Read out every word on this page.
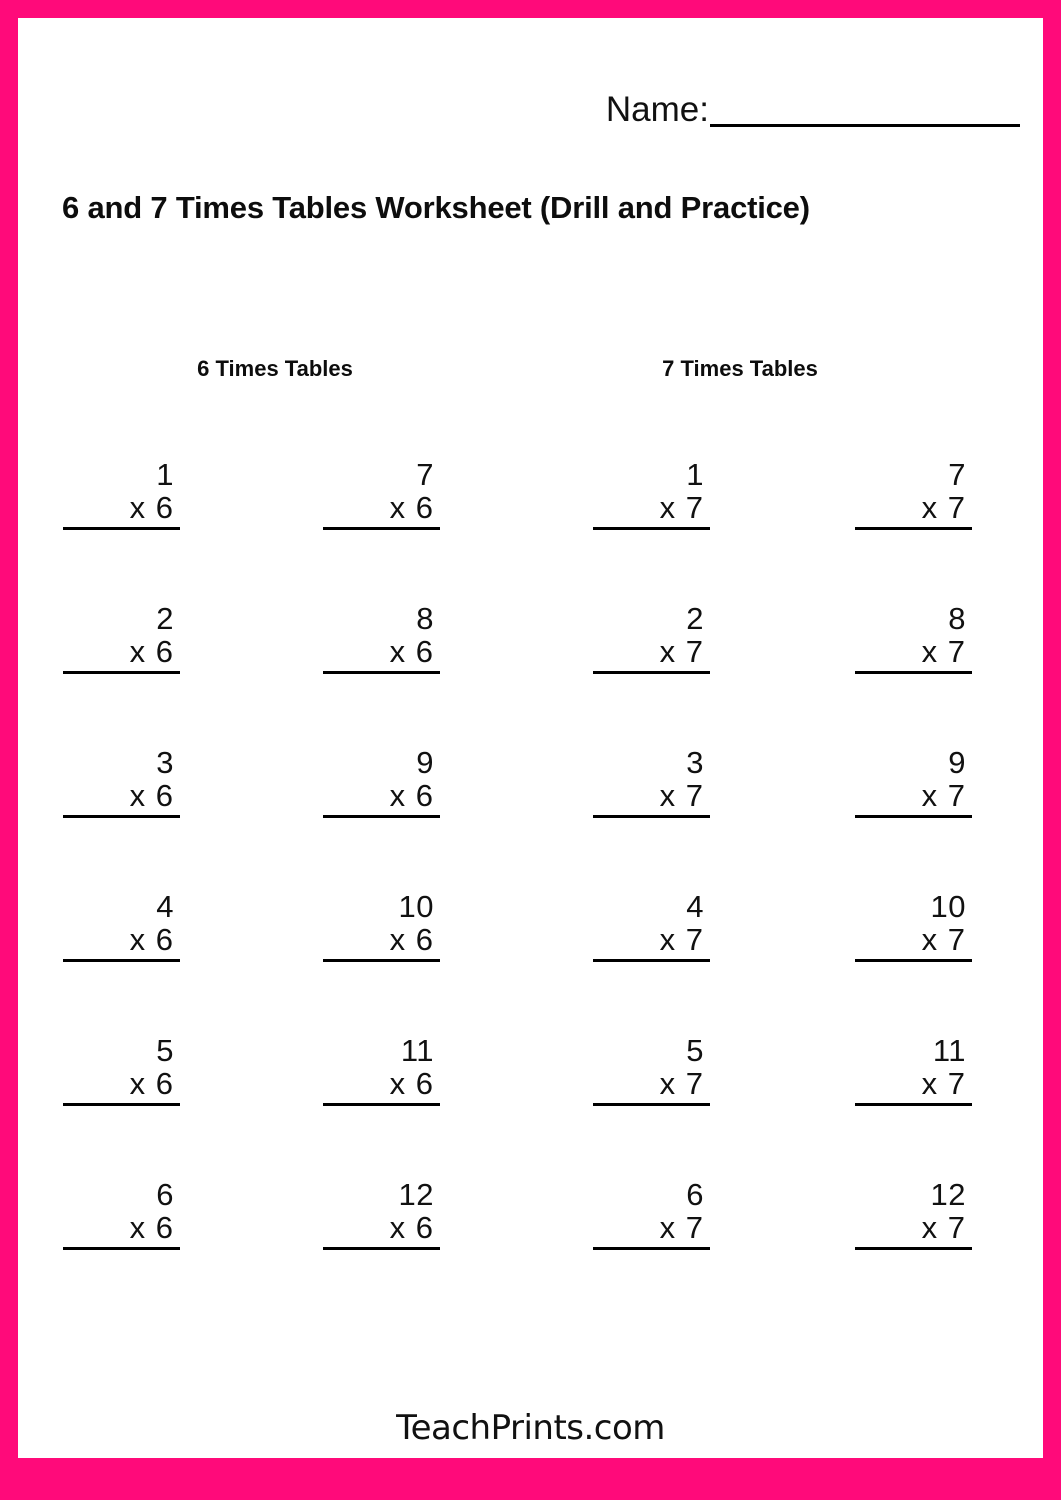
Name:
6 and 7 Times Tables Worksheet (Drill and Practice)
6 Times Tables	7 Times Tables
1
x 6
7
x 6
1
x 7
7
x 7
2
x 6
8
x 6
2
x 7
8
x 7
3
x 6
9
x 6
3
x 7
9
x 7
4
x 6
10
x 6
4
x 7
10
x 7
5
x 6
11
x 6
5
x 7
11
x 7
6
x 6
12
x 6
6
x 7
12
x 7
TeachPrints.com
